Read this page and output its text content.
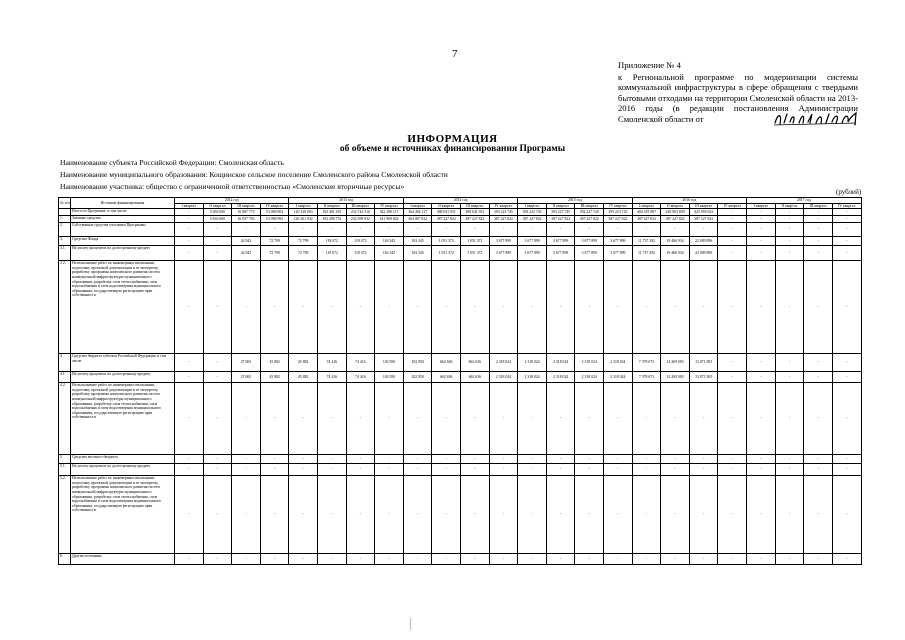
7
Приложение № 4
к Региональной программе по модернизации системы коммунальной инфраструктуры в сфере обращения с твердыми бытовыми отходами на территории Смоленской области на 2013-2016 годы (в редакции постановления Администрации Смоленской области от
ИНФОРМАЦИЯ
об объеме и источниках финансирования Програмы
Наименование субъекта Российской Федерации: Смоленская область
Наименование муниципального образования: Кощинское сельское поселение Смоленского района Смоленской области
Наименование участника: общество с ограниченной ответственностью «Смоленские вторичные ресурсы»
(рублей)
№ п/п	Источник финансирования	2012 год				2013 год				2014 год				2015 год				2016 год				2017 год			
		I квартал	II квартал	III квартал	IV квартал	I квартал	II квартал	III квартал	IV квартал	I квартал	II квартал	III квартал	IV квартал	I квартал	II квартал	III квартал	IV квартал	I квартал	II квартал	III квартал	IV квартал	I квартал	II квартал	III квартал	IV квартал
	Итого по Программе, в том числе:	-	5 656 000	16 987 773	53 069 003	120 320 003	192 481 619	232 742 510	342 296 117	364 494 117	388 041 931	388 041 931	393 223 745	393 223 745	393 227 745	392 227 745	393 223 745	404 319 987	418 963 839	423 959 623	-	-	-	-	-
1.	Заемные средства	-	5 656 000	16 937 765	53 090 993	120 201 032	192 289 752	232 599 932	341 969 822	364 067 822	387 227 822	387 227 822	387 227 822	387 227 822	387 227 822	387 227 822	387 227 822	387 227 822	387 227 822	387 227 822	-	-	-	-	-
2.	Собственные средства участника Программы	-	-	-	-	-	-	-	-	-	-	-	-	-	-	-	-	-	-	-	-	-	-	-	-
3.	Средства Фонда	-	-	42 943	72 799	72 799	118 072	118 072	163 345	163 345	1 051 372	1 051 372	3 677 899	3 677 899	3 677 899	3 677 899	3 677 899	11 737 392	19 466 934	22 009 896	-	-	-	-	-
3.1.	На уплату процентов по долгосрочному кредиту	-	-	42 943	72 799	72 799	118 072	118 072	163 345	163 345	1 051 372	1 051 372	3 677 899	3 677 899	3 677 899	3 677 899	3 677 899	11 737 392	19 466 934	22 009 896	-	-	-	-	-
3.2.	На выполнение работ по инженерным изысканиям, подготовку проектной документации и ее экспертизу, разработку программы комплексного развития систем коммунальной инфраструктуры муниципального образования, разработку схем теплоснабжения, схем водоснабжения и схем водоотведения муниципального образования, государственную регистрацию прав собственности	-	-	-	-	-	-	-	-	-	-	-	-	-	-	-	-	-	-	-	-	-	-	-	-
4.	Средства бюджета субъекта Российской Федерации, в том числе:	-	-	27 065	45 882	45 882	74 416	74 416	102 950	102 950	662 636	662 636	2 318 024	2 318 024	2 318 024	2 318 024	2 318 024	7 378 673	12 269 083	13 871 905	-	-	-	-	-
4.1	На уплату процентов по долгосрочному кредиту	-	-	27 065	45 882	45 882	74 416	74 416	102 950	102 950	662 636	662 636	2 318 024	2 318 024	2 318 024	2 318 024	2 318 024	7 378 673	12 269 083	13 871 905	-	-	-	-	-
4.2.	На выполнение работ по инженерным изысканиям, подготовку проектной документации и ее экспертизу, разработку программы комплексного развития систем коммунальной инфраструктуры муниципального образования, разработку схем теплоснабжения, схем водоснабжения и схем водоотведения муниципального образования, государственную регистрацию прав собственности	-	-	-	-	-	-	-	-	-	-	-	-	-	-	-	-	-	-	-	-	-	-	-	-
5.	Средства местного бюджета	-	-	-	-	-	-	-	-	-	-	-	-	-	-	-	-	-	-	-	-	-	-	-	-
5.1.	На уплату процентов по долгосрочному кредиту	-	-	-	-	-	-	-	-	-	-	-	-	-	-	-	-	-	-	-	-	-	-	-	-
5.2.	На выполнение работ по инженерным изысканиям, подготовку проектной документации и ее экспертизу, разработку программы комплексного развития систем коммунальной инфраструктуры муниципального образования, разработку схем теплоснабжения, схем водоснабжения и схем водоотведения муниципального образования, государственную регистрацию прав собственности	-	-	-	-	-	-	-	-	-	-	-	-	-	-	-	-	-	-	-	-	-	-	-	-
6.	Другие источники	-	-	-	-	-	-	-	-	-	-	-	-	-	-	-	-	-	-	-	-	-	-	-	-
